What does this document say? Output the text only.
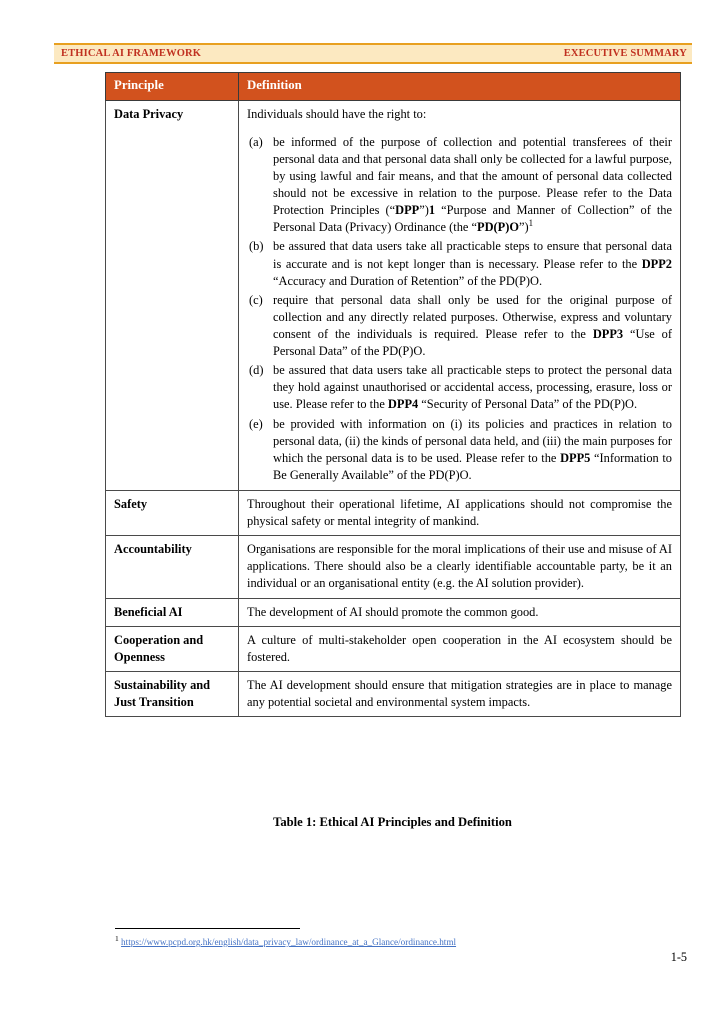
ETHICAL AI FRAMEWORK	EXECUTIVE SUMMARY
Principle	Definition
Data Privacy	Individuals should have the right to:

(a) be informed of the purpose of collection and potential transferees of their personal data and that personal data shall only be collected for a lawful purpose, by using lawful and fair means, and that the amount of personal data collected should not be excessive in relation to the purpose. Please refer to the Data Protection Principles (“DPP”)1 “Purpose and Manner of Collection” of the Personal Data (Privacy) Ordinance (the “PD(P)O”)$^1$
(b) be assured that data users take all practicable steps to ensure that personal data is accurate and is not kept longer than is necessary. Please refer to the DPP2 “Accuracy and Duration of Retention” of the PD(P)O.
(c) require that personal data shall only be used for the original purpose of collection and any directly related purposes. Otherwise, express and voluntary consent of the individuals is required. Please refer to the DPP3 “Use of Personal Data” of the PD(P)O.
(d) be assured that data users take all practicable steps to protect the personal data they hold against unauthorised or accidental access, processing, erasure, loss or use. Please refer to the DPP4 “Security of Personal Data” of the PD(P)O.
(e) be provided with information on (i) its policies and practices in relation to personal data, (ii) the kinds of personal data held, and (iii) the main purposes for which the personal data is to be used. Please refer to the DPP5 “Information to Be Generally Available” of the PD(P)O.

Safety	Throughout their operational lifetime, AI applications should not compromise the physical safety or mental integrity of mankind.

Accountability	Organisations are responsible for the moral implications of their use and misuse of AI applications. There should also be a clearly identifiable accountable party, be it an individual or an organisational entity (e.g. the AI solution provider).

Beneficial AI	The development of AI should promote the common good.

Cooperation and Openness	A culture of multi-stakeholder open cooperation in the AI ecosystem should be fostered.

Sustainability and Just Transition	The AI development should ensure that mitigation strategies are in place to manage any potential societal and environmental system impacts.

Table 1: Ethical AI Principles and Definition
$^1$ https://www.pcpd.org.hk/english/data_privacy_law/ordinance_at_a_Glance/ordinance.html
1-5
